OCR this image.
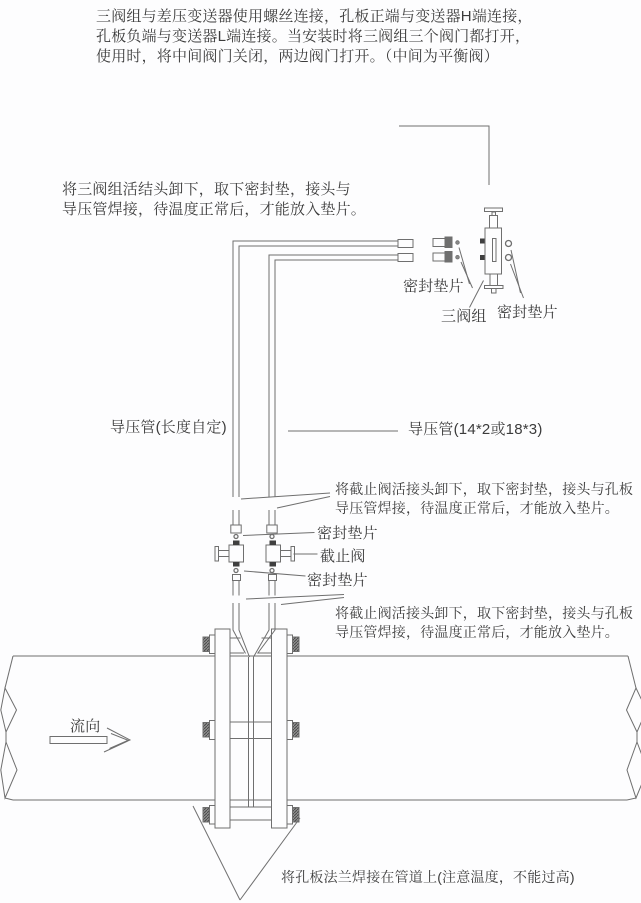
三阀组与差压变送器使用螺丝连接，孔板正端与变送器H端连接，
孔板负端与变送器L端连接。当安装时将三阀组三个阀门都打开，
使用时，将中间阀门关闭，两边阀门打开。（中间为平衡阀）
将三阀组活结头卸下，取下密封垫，接头与
导压管焊接，待温度正常后，才能放入垫片。
密封垫片
三阀组 密封垫片
导压管(长度自定)	导压管(14*2或18*3)
将截止阀活接头卸下，取下密封垫，接头与孔板
导压管焊接，待温度正常后，才能放入垫片。
密封垫片
截止阀
密封垫片
将截止阀活接头卸下，取下密封垫，接头与孔板
导压管焊接，待温度正常后，才能放入垫片。
流向
将孔板法兰焊接在管道上(注意温度，不能过高)
